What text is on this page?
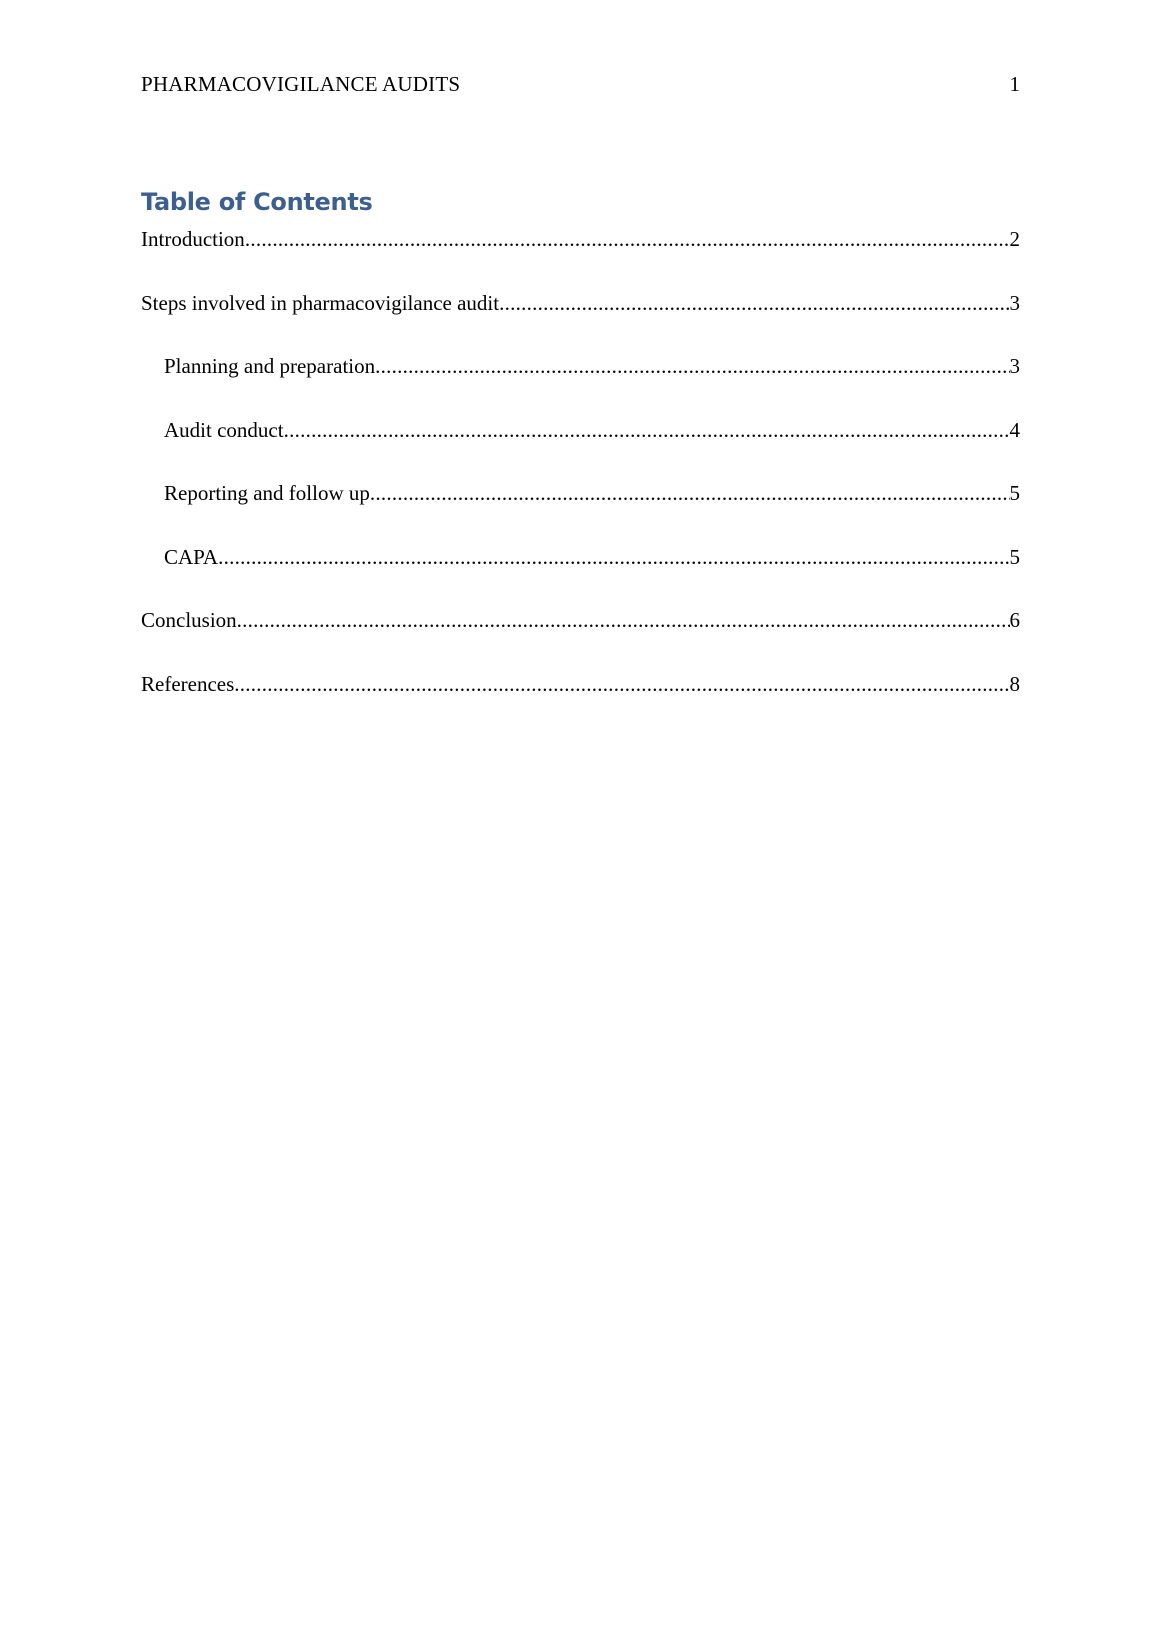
PHARMACOVIGILANCE AUDITS	1
Table of Contents
Introduction .....	2
Steps involved in pharmacovigilance audit .....	3
Planning and preparation .....	3
Audit conduct .....	4
Reporting and follow up .....	5
CAPA .....	5
Conclusion .....	6
References .....	8
